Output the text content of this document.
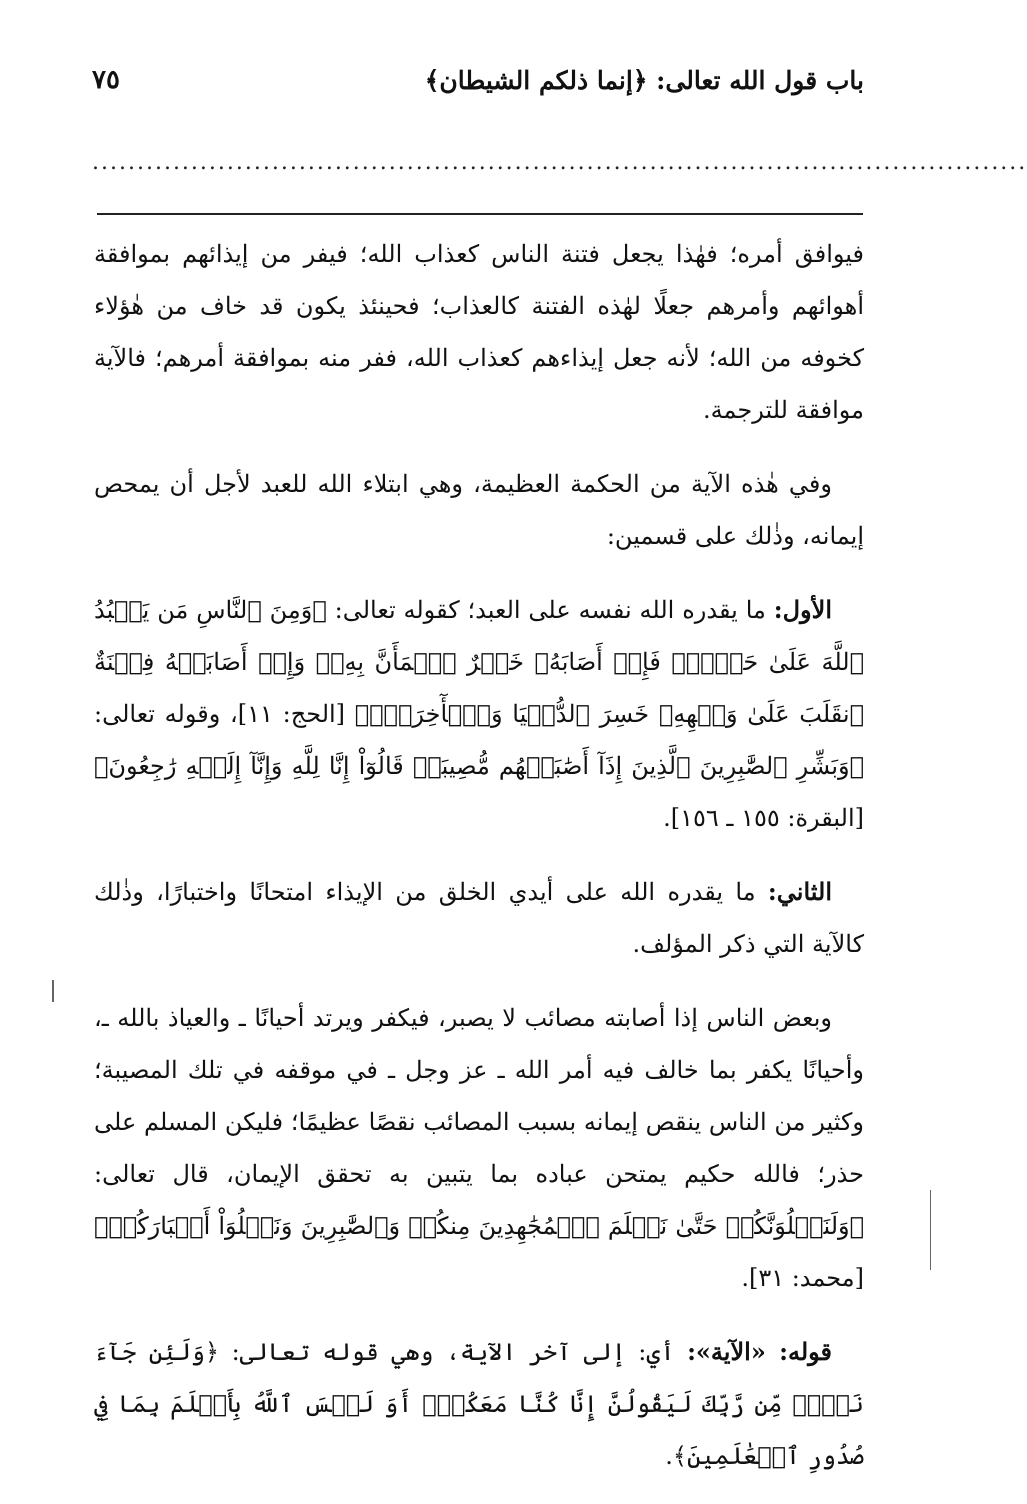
باب قول الله تعالى: ﴿إنما ذلكم الشيطان﴾
٧٥
........................................................................................................

فيوافق أمره؛ فهٰذا يجعل فتنة الناس كعذاب الله؛ فيفر من إيذائهم بموافقة أهوائهم وأمرهم جعلًا لهٰذه الفتنة كالعذاب؛ فحينئذ يكون قد خاف من هٰؤلاء كخوفه من الله؛ لأنه جعل إيذاءهم كعذاب الله، ففر منه بموافقة أمرهم؛ فالآية موافقة للترجمة.

وفي هٰذه الآية من الحكمة العظيمة، وهي ابتلاء الله للعبد لأجل أن يمحص إيمانه، وذٰلك على قسمين:

الأول: ما يقدره الله نفسه على العبد؛ كقوله تعالى: ﴿وَمِنَ ٱلنَّاسِ مَن يَعۡبُدُ ٱللَّهَ عَلَىٰ حَرۡفٖۖ فَإِنۡ أَصَابَهُۥ خَيۡرٌ ٱطۡمَأَنَّ بِهِۦۖ وَإِنۡ أَصَابَتۡهُ فِتۡنَةٌ ٱنقَلَبَ عَلَىٰ وَجۡهِهِۦ خَسِرَ ٱلدُّنۡيَا وَٱلۡأٓخِرَةَۚ﴾ [الحج: ١١]، وقوله تعالى: ﴿وَبَشِّرِ ٱلصَّٰبِرِينَ ٱلَّذِينَ إِذَآ أَصَٰبَتۡهُم مُّصِيبَةٞ قَالُوٓاْ إِنَّا لِلَّهِ وَإِنَّآ إِلَيۡهِ رَٰجِعُونَ﴾ [البقرة: ١٥٥ ـ ١٥٦].

الثاني: ما يقدره الله على أيدي الخلق من الإيذاء امتحانًا واختبارًا، وذٰلك كالآية التي ذكر المؤلف.

وبعض الناس إذا أصابته مصائب لا يصبر، فيكفر ويرتد أحيانًا ـ والعياذ بالله ـ، وأحيانًا يكفر بما خالف فيه أمر الله ـ عز وجل ـ في موقفه في تلك المصيبة؛ وكثير من الناس ينقص إيمانه بسبب المصائب نقصًا عظيمًا؛ فليكن المسلم على حذر؛ فالله حكيم يمتحن عباده بما يتبين به تحقق الإيمان، قال تعالى: ﴿وَلَنَبۡلُوَنَّكُمۡ حَتَّىٰ نَعۡلَمَ ٱلۡمُجَٰهِدِينَ مِنكُمۡ وَٱلصَّٰبِرِينَ وَنَبۡلُوَاْ أَخۡبَارَكُمۡ﴾ [محمد: ٣١].

قوله: «الآية»: أي: إلى آخر الآية، وهي قوله تعالى: ﴿وَلَئِن جَآءَ نَصۡرٞ مِّن رَّبِّكَ لَيَقُولُنَّ إِنَّا كُنَّا مَعَكُمۡۚ أَوَ لَيۡسَ ٱللَّهُ بِأَعۡلَمَ بِمَا فِي صُدُورِ ٱلۡعَٰلَمِينَ﴾.
